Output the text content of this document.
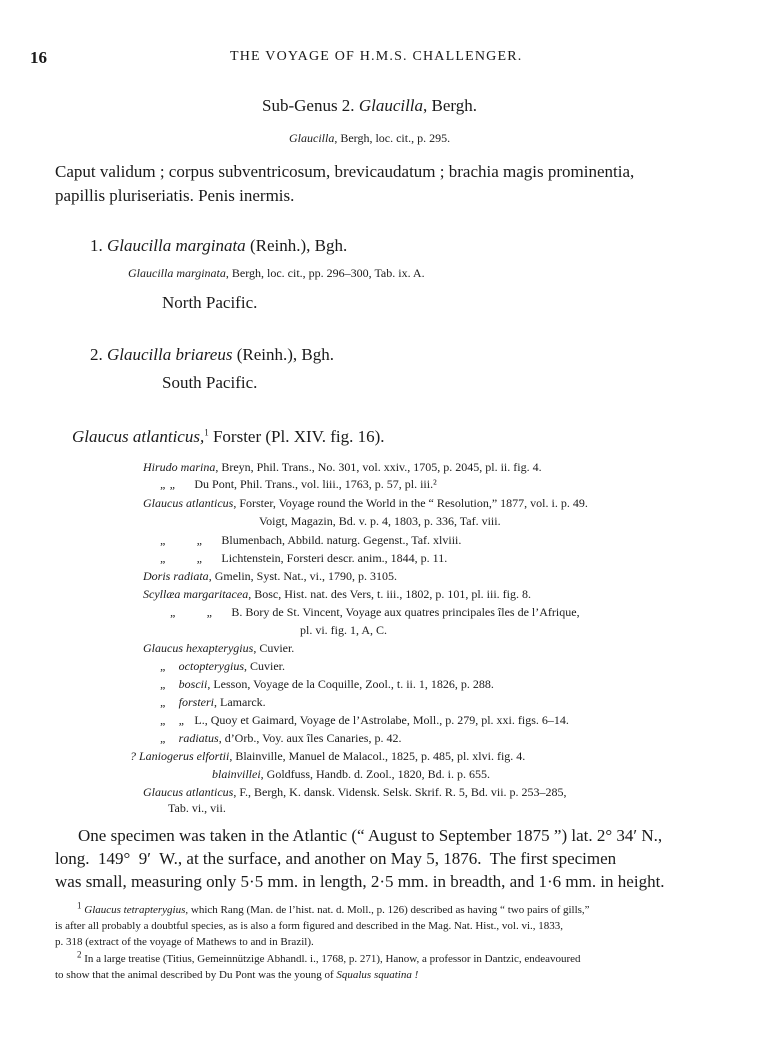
16	THE VOYAGE OF H.M.S. CHALLENGER.
Sub-Genus 2. Glaucilla, Bergh.
Glaucilla, Bergh, loc. cit., p. 295.
Caput validum ; corpus subventricosum, brevicaudatum ; brachia magis prominentia,
papillis pluriseriatis. Penis inermis.
1. Glaucilla marginata (Reinh.), Bgh.
Glaucilla marginata, Bergh, loc. cit., pp. 296–300, Tab. ix. A.
North Pacific.
2. Glaucilla briareus (Reinh.), Bgh.
South Pacific.
Glaucus atlanticus,$^1$ Forster (Pl. XIV. fig. 16).
Hirudo marina, Breyn, Phil. Trans., No. 301, vol. xxiv., 1705, p. 2045, pl. ii. fig. 4.
„ „      Du Pont, Phil. Trans., vol. liii., 1763, p. 57, pl. iii.²
Glaucus atlanticus, Forster, Voyage round the World in the “ Resolution,” 1877, vol. i. p. 49.
Voigt, Magazin, Bd. v. p. 4, 1803, p. 336, Taf. viii.
„          „      Blumenbach, Abbild. naturg. Gegenst., Taf. xlviii.
„          „      Lichtenstein, Forsteri descr. anim., 1844, p. 11.
Doris radiata, Gmelin, Syst. Nat., vi., 1790, p. 3105.
Scyllæa margaritacea, Bosc, Hist. nat. des Vers, t. iii., 1802, p. 101, pl. iii. fig. 8.
„          „      B. Bory de St. Vincent, Voyage aux quatres principales îles de l’Afrique,
pl. vi. fig. 1, A, C.
Glaucus hexapterygius, Cuvier.
„    octopterygius, Cuvier.
„    boscii, Lesson, Voyage de la Coquille, Zool., t. ii. 1, 1826, p. 288.
„    forsteri, Lamarck.
„    „   L., Quoy et Gaimard, Voyage de l’Astrolabe, Moll., p. 279, pl. xxi. figs. 6–14.
„    radiatus, d’Orb., Voy. aux îles Canaries, p. 42.
? Laniogerus elfortii, Blainville, Manuel de Malacol., 1825, p. 485, pl. xlvi. fig. 4.
blainvillei, Goldfuss, Handb. d. Zool., 1820, Bd. i. p. 655.
Glaucus atlanticus, F., Bergh, K. dansk. Vidensk. Selsk. Skrif. R. 5, Bd. vii. p. 253–285,
Tab. vi., vii.
One specimen was taken in the Atlantic (“ August to September 1875 ”) lat. 2° 34′ N.,
long.  149°  9′  W., at the surface, and another on May 5, 1876.  The first specimen
was small, measuring only 5·5 mm. in length, 2·5 mm. in breadth, and 1·6 mm. in height.
$^1$ Glaucus tetrapterygius, which Rang (Man. de l’hist. nat. d. Moll., p. 126) described as having “ two pairs of gills,”
is after all probably a doubtful species, as is also a form figured and described in the Mag. Nat. Hist., vol. vi., 1833,
p. 318 (extract of the voyage of Mathews to and in Brazil).
$^2$ In a large treatise (Titius, Gemeinnützige Abhandl. i., 1768, p. 271), Hanow, a professor in Dantzic, endeavoured
to show that the animal described by Du Pont was the young of Squalus squatina !
